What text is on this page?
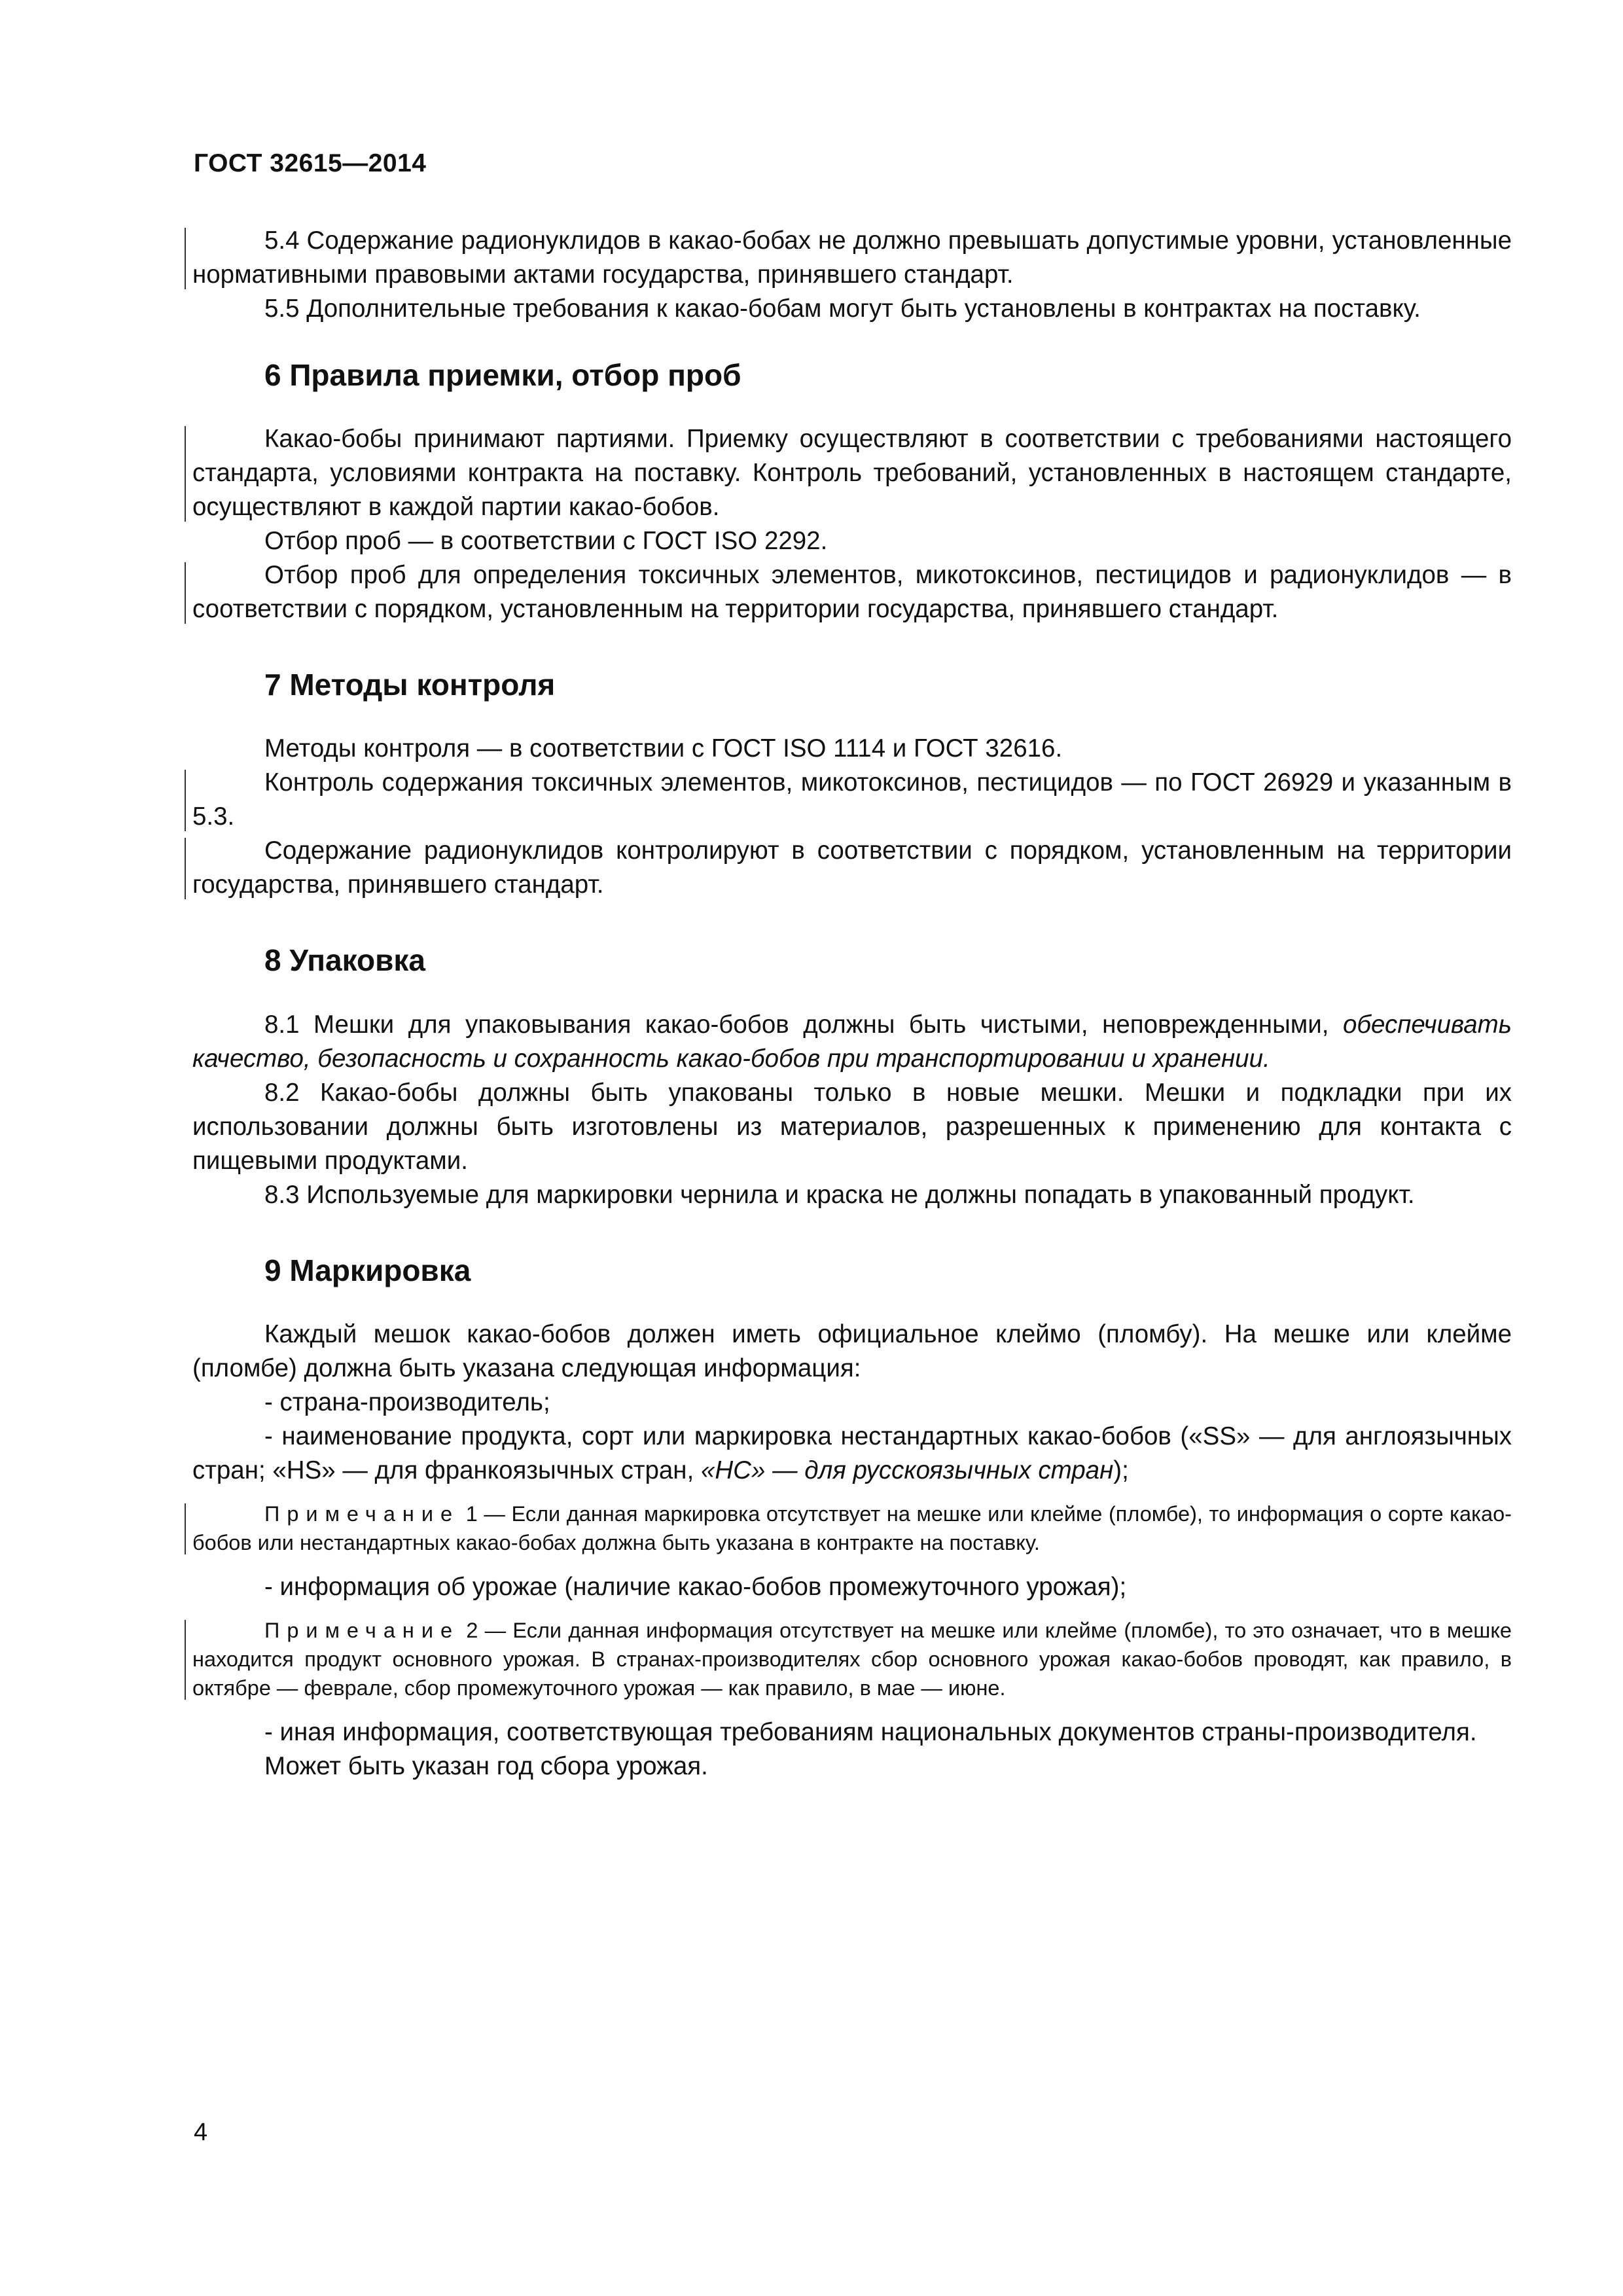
ГОСТ 32615—2014

5.4 Содержание радионуклидов в какао-бобах не должно превышать допустимые уровни, установленные нормативными правовыми актами государства, принявшего стандарт.

5.5 Дополнительные требования к какао-бобам могут быть установлены в контрактах на поставку.

6 Правила приемки, отбор проб

Какао-бобы принимают партиями. Приемку осуществляют в соответствии с требованиями настоящего стандарта, условиями контракта на поставку. Контроль требований, установленных в настоящем стандарте, осуществляют в каждой партии какао-бобов.

Отбор проб — в соответствии с ГОСТ ISO 2292.

Отбор проб для определения токсичных элементов, микотоксинов, пестицидов и радионуклидов — в соответствии с порядком, установленным на территории государства, принявшего стандарт.

7 Методы контроля

Методы контроля — в соответствии с ГОСТ ISO 1114 и ГОСТ 32616.

Контроль содержания токсичных элементов, микотоксинов, пестицидов — по ГОСТ 26929 и указанным в 5.3.

Содержание радионуклидов контролируют в соответствии с порядком, установленным на территории государства, принявшего стандарт.

8 Упаковка

8.1 Мешки для упаковывания какао-бобов должны быть чистыми, неповрежденными, обеспечивать качество, безопасность и сохранность какао-бобов при транспортировании и хранении.

8.2 Какао-бобы должны быть упакованы только в новые мешки. Мешки и подкладки при их использовании должны быть изготовлены из материалов, разрешенных к применению для контакта с пищевыми продуктами.

8.3 Используемые для маркировки чернила и краска не должны попадать в упакованный продукт.

9 Маркировка

Каждый мешок какао-бобов должен иметь официальное клеймо (пломбу). На мешке или клейме (пломбе) должна быть указана следующая информация:

- страна-производитель;

- наименование продукта, сорт или маркировка нестандартных какао-бобов («SS» — для англоязычных стран; «HS» — для франкоязычных стран, «НС» — для русскоязычных стран);

Примечание 1 — Если данная маркировка отсутствует на мешке или клейме (пломбе), то информация о сорте какао-бобов или нестандартных какао-бобах должна быть указана в контракте на поставку.

- информация об урожае (наличие какао-бобов промежуточного урожая);

Примечание 2 — Если данная информация отсутствует на мешке или клейме (пломбе), то это означает, что в мешке находится продукт основного урожая. В странах-производителях сбор основного урожая какао-бобов проводят, как правило, в октябре — феврале, сбор промежуточного урожая — как правило, в мае — июне.

- иная информация, соответствующая требованиям национальных документов страны-производителя.

Может быть указан год сбора урожая.

4
